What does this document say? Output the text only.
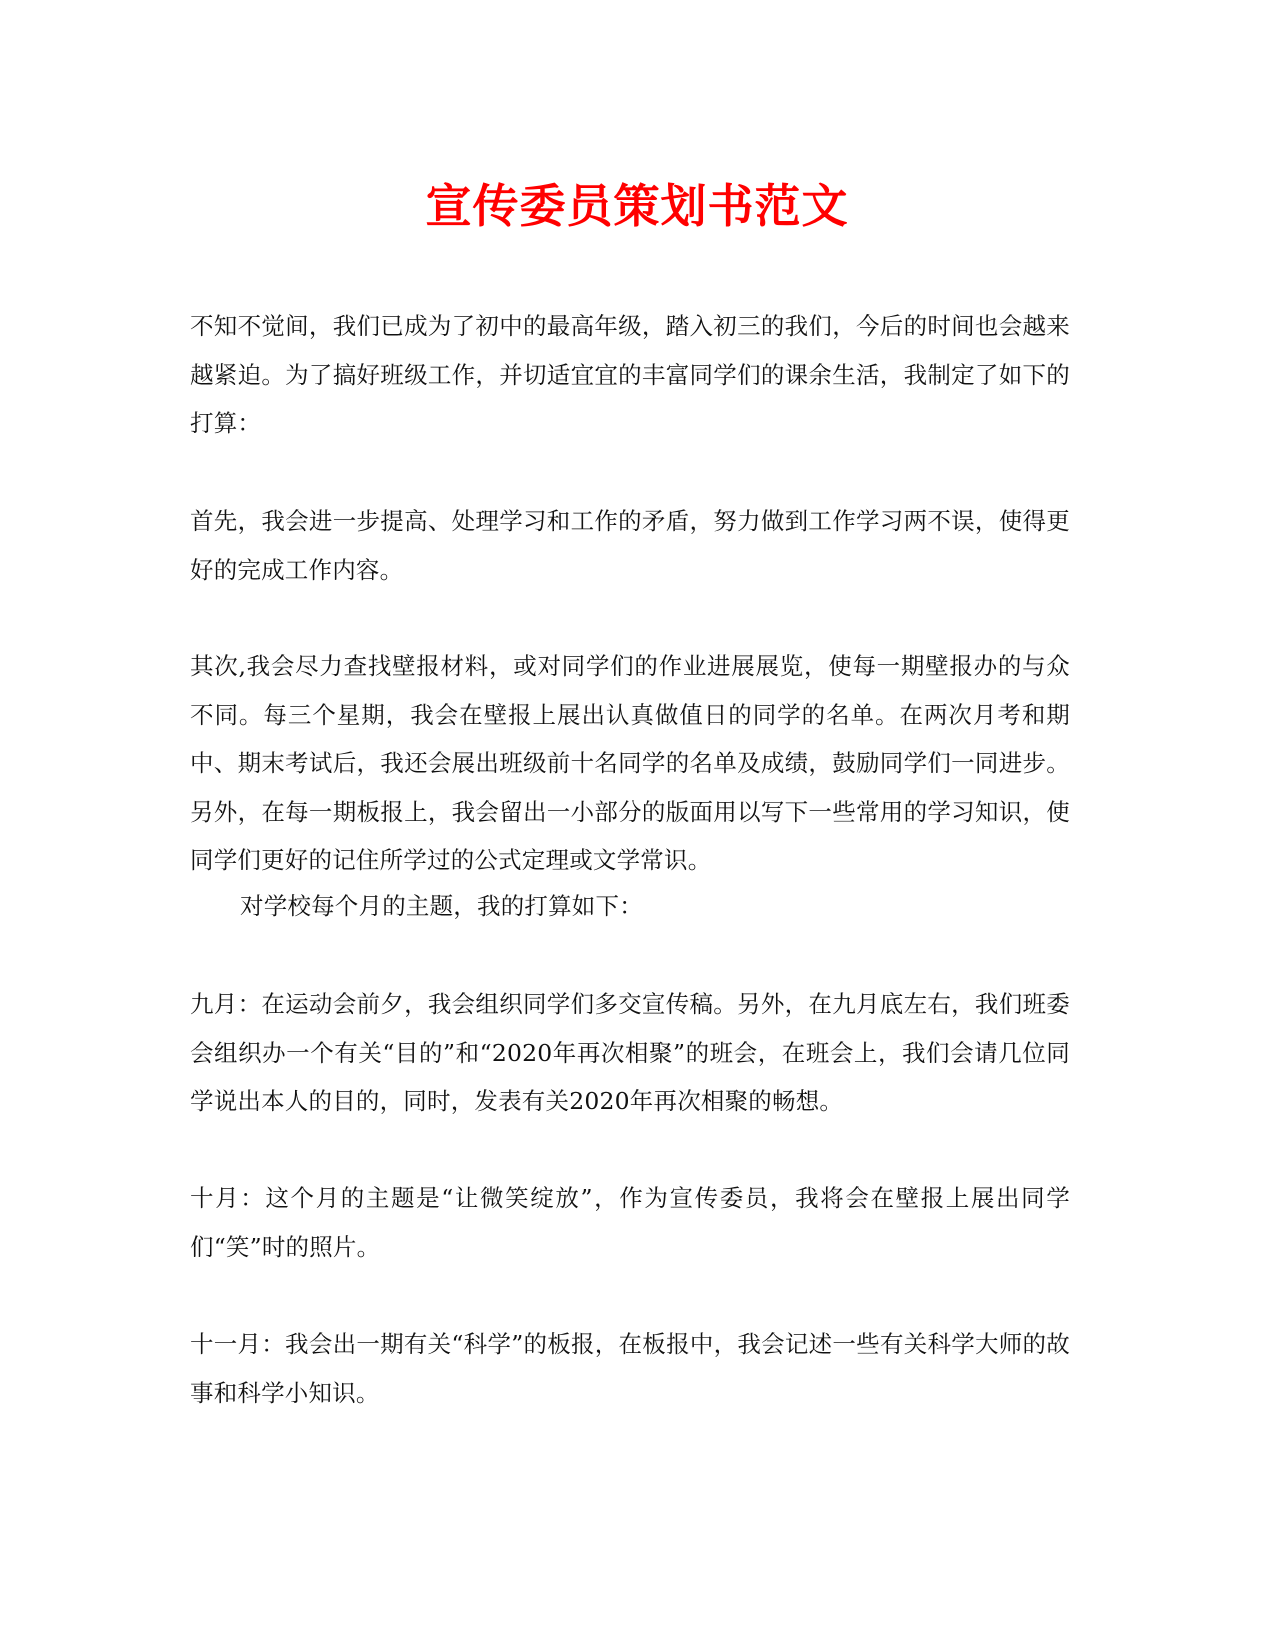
宣传委员策划书范文

不知不觉间，我们已成为了初中的最高年级，踏入初三的我们，今后的时间也会越来越紧迫。为了搞好班级工作，并切适宜宜的丰富同学们的课余生活，我制定了如下的打算：

首先，我会进一步提高、处理学习和工作的矛盾，努力做到工作学习两不误，使得更好的完成工作内容。

其次,我会尽力查找壁报材料，或对同学们的作业进展展览，使每一期壁报办的与众不同。每三个星期，我会在壁报上展出认真做值日的同学的名单。在两次月考和期中、期末考试后，我还会展出班级前十名同学的名单及成绩，鼓励同学们一同进步。另外，在每一期板报上，我会留出一小部分的版面用以写下一些常用的学习知识，使同学们更好的记住所学过的公式定理或文学常识。

对学校每个月的主题，我的打算如下：

九月：在运动会前夕，我会组织同学们多交宣传稿。另外，在九月底左右，我们班委会组织办一个有关“目的”和“2020年再次相聚”的班会，在班会上，我们会请几位同学说出本人的目的，同时，发表有关2020年再次相聚的畅想。

十月：这个月的主题是“让微笑绽放”，作为宣传委员，我将会在壁报上展出同学们“笑”时的照片。

十一月：我会出一期有关“科学”的板报，在板报中，我会记述一些有关科学大师的故事和科学小知识。
